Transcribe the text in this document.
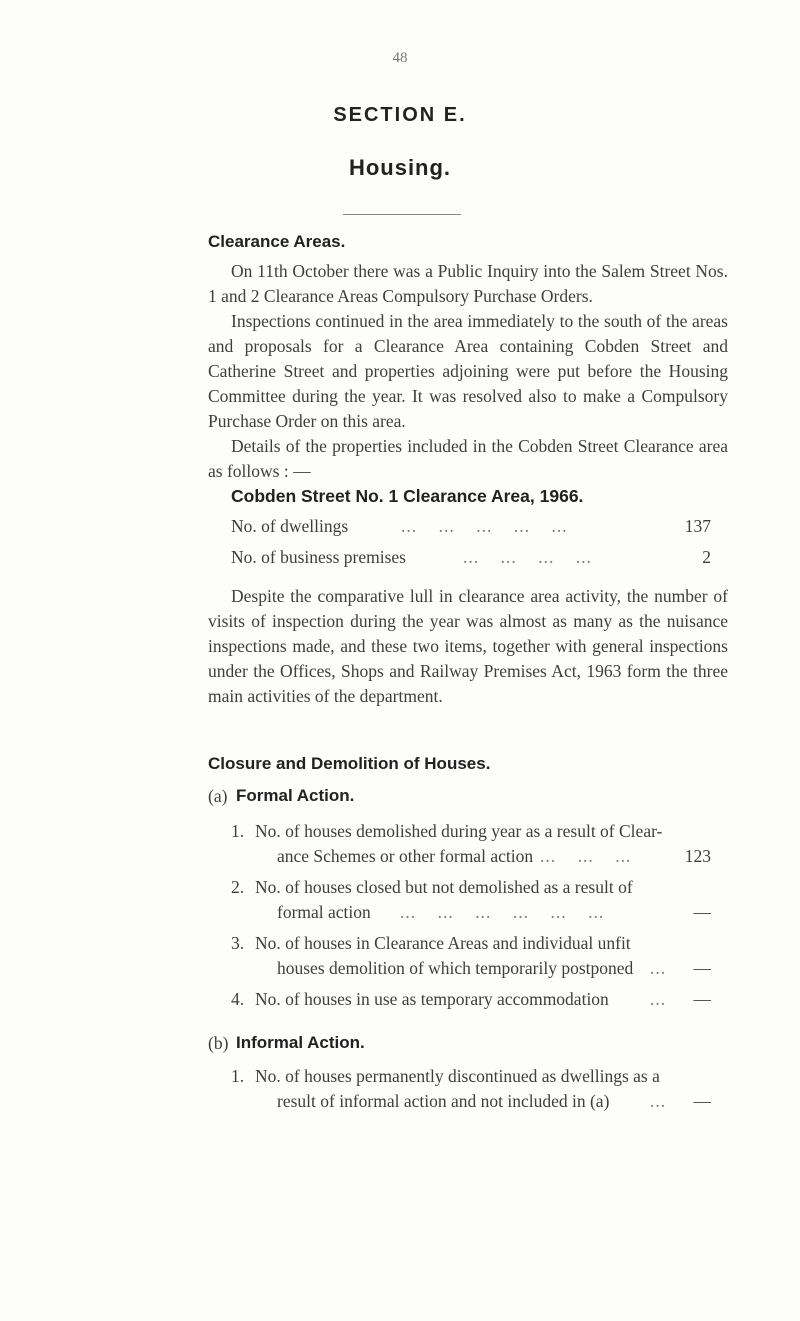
48
SECTION E.
Housing.
Clearance Areas.
On 11th October there was a Public Inquiry into the Salem Street Nos. 1 and 2 Clearance Areas Compulsory Purchase Orders.
Inspections continued in the area immediately to the south of the areas and proposals for a Clearance Area containing Cobden Street and Catherine Street and properties adjoining were put before the Housing Committee during the year. It was resolved also to make a Compulsory Purchase Order on this area.
Details of the properties included in the Cobden Street Clearance area as follows : —
Cobden Street No. 1 Clearance Area, 1966.
No. of dwellings	...    ...    ...    ...    ...	137
No. of business premises	...    ...    ...    ...	2
Despite the comparative lull in clearance area activity, the number of visits of inspection during the year was almost as many as the nuisance inspections made, and these two items, together with general inspections under the Offices, Shops and Railway Premises Act, 1963 form the three main activities of the department.
Closure and Demolition of Houses.
(a) Formal Action.
1. No. of houses demolished during year as a result of Clear-
ance Schemes or other formal action ...    ...    ...	123
2. No. of houses closed but not demolished as a result of
formal action ...    ...    ...    ...    ...    ...	—
3. No. of houses in Clearance Areas and individual unfit
houses demolition of which temporarily postponed ...	—
4. No. of houses in use as temporary accommodation ...	—
(b) Informal Action.
1. No. of houses permanently discontinued as dwellings as a
result of informal action and not included in (a) ...	—
